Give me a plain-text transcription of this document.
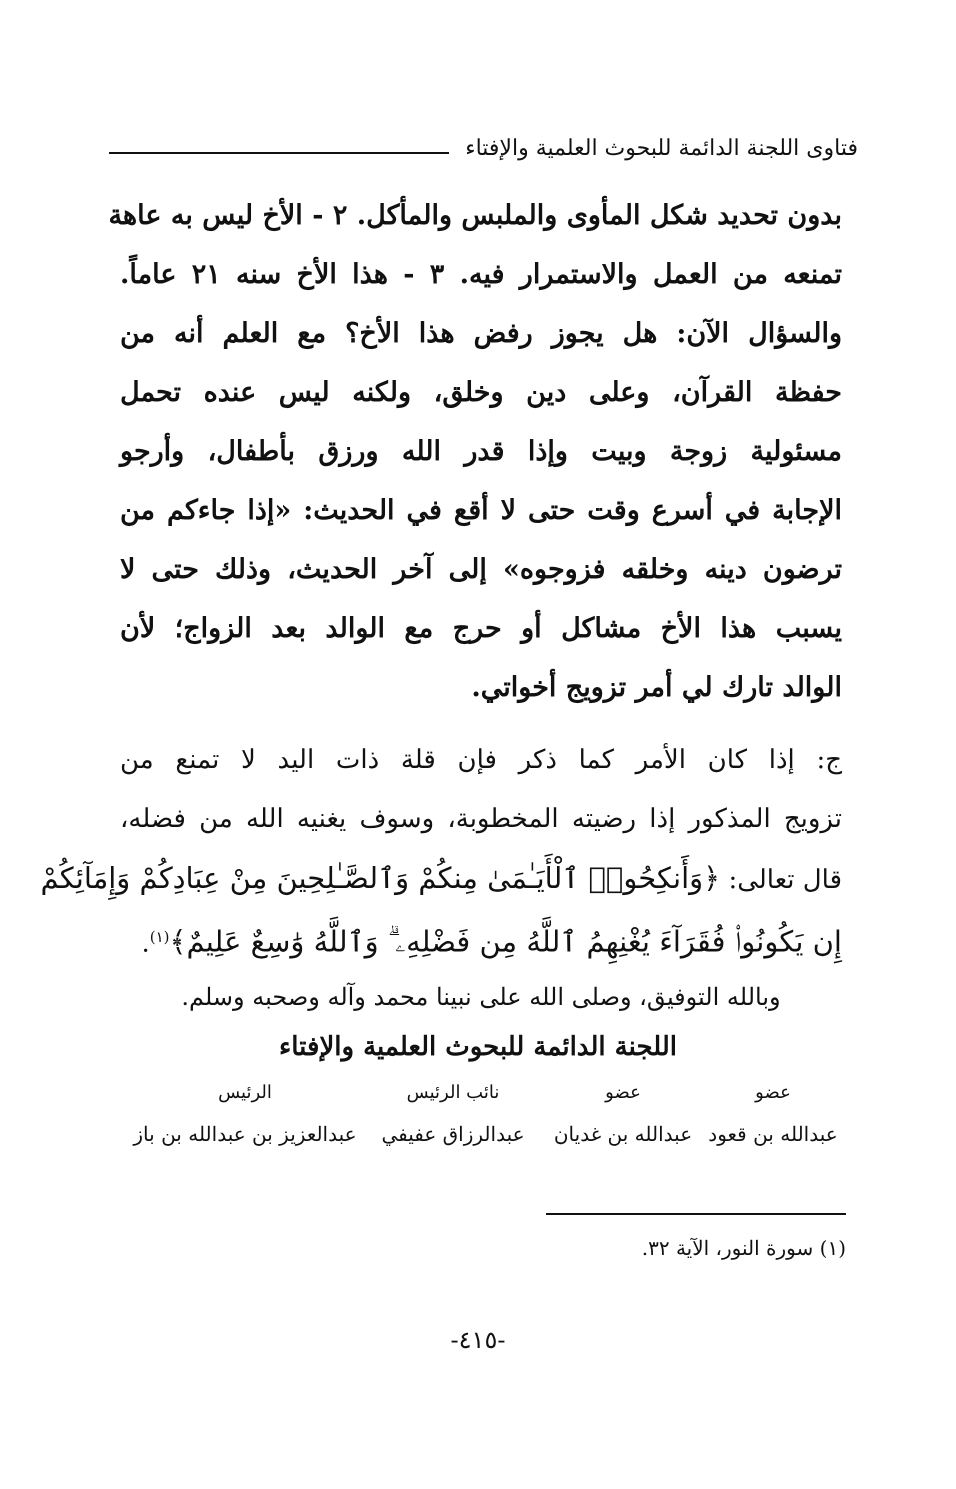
فتاوى اللجنة الدائمة للبحوث العلمية والإفتاء
بدون تحديد شكل المأوى والملبس والمأكل. ٢ - الأخ ليس به عاهة
تمنعه من العمل والاستمرار فيه. ٣ - هذا الأخ سنه ٢١ عاماً.
والسؤال الآن: هل يجوز رفض هذا الأخ؟ مع العلم أنه من
حفظة القرآن، وعلى دين وخلق، ولكنه ليس عنده تحمل
مسئولية زوجة وبيت وإذا قدر الله ورزق بأطفال، وأرجو
الإجابة في أسرع وقت حتى لا أقع في الحديث: «إذا جاءكم من
ترضون دينه وخلقه فزوجوه» إلى آخر الحديث، وذلك حتى لا
يسبب هذا الأخ مشاكل أو حرج مع الوالد بعد الزواج؛ لأن
الوالد تارك لي أمر تزويج أخواتي.
ج: إذا كان الأمر كما ذكر فإن قلة ذات اليد لا تمنع من
تزويج المذكور إذا رضيته المخطوبة، وسوف يغنيه الله من فضله،
قال تعالى: ﴿وَأَنكِحُوا۟ ٱلْأَيَـٰمَىٰ مِنكُمْ وَٱلصَّـٰلِحِينَ مِنْ عِبَادِكُمْ وَإِمَآئِكُمْ
إِن يَكُونُوا۟ فُقَرَآءَ يُغْنِهِمُ ٱللَّهُ مِن فَضْلِهِۦ ۗ وَٱللَّهُ وَٰسِعٌ عَلِيمٌ﴾$^{(١)}$.
وبالله التوفيق، وصلى الله على نبينا محمد وآله وصحبه وسلم.
اللجنة الدائمة للبحوث العلمية والإفتاء
عضو
عضو
نائب الرئيس
الرئيس
عبدالله بن قعود
عبدالله بن غديان
عبدالرزاق عفيفي
عبدالعزيز بن عبدالله بن باز
(١) سورة النور، الآية ٣٢.
-٤١٥-
